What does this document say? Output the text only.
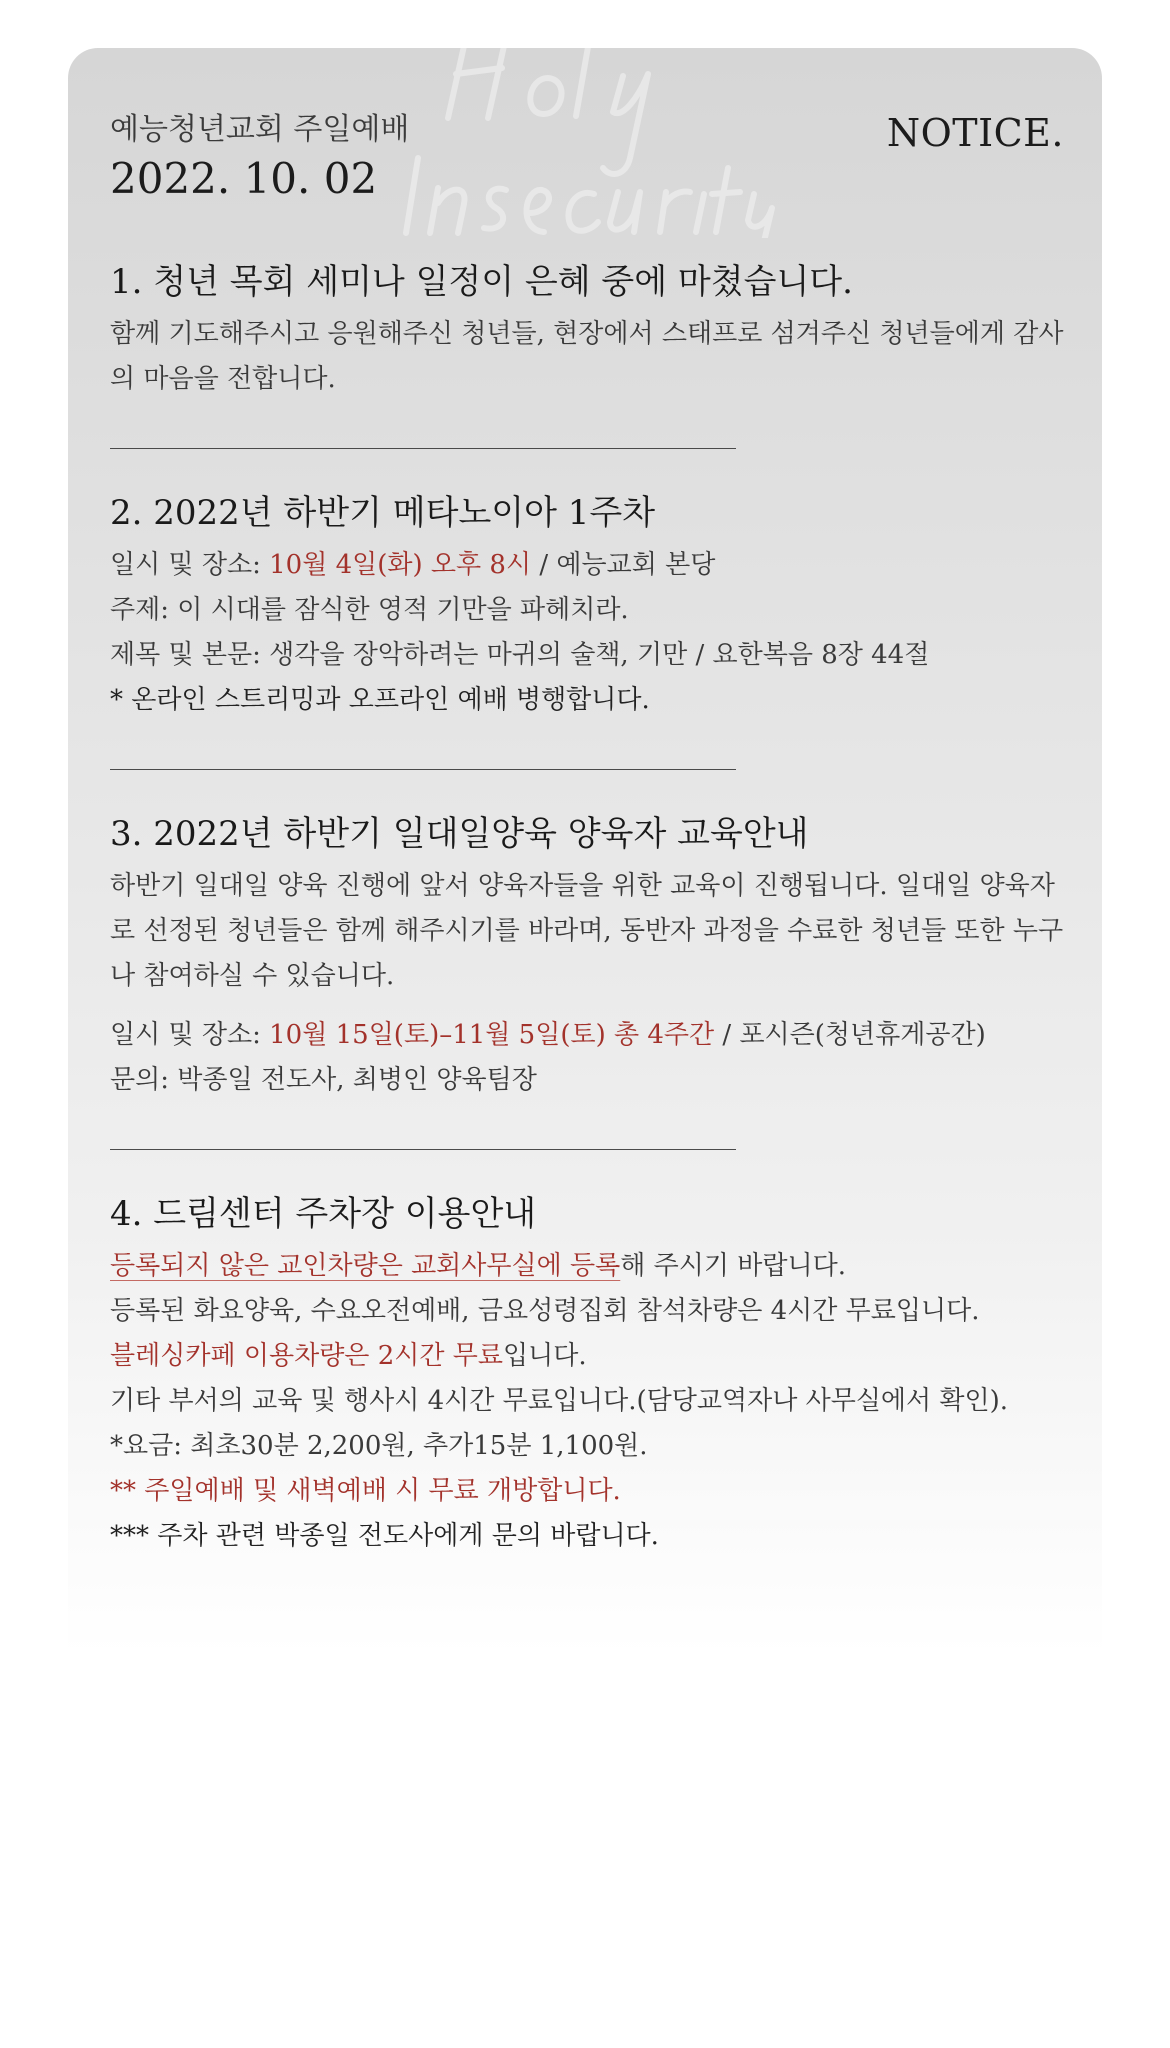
예능청년교회 주일예배
2022. 10. 02
NOTICE.
1. 청년 목회 세미나 일정이 은혜 중에 마쳤습니다.
함께 기도해주시고 응원해주신 청년들, 현장에서 스태프로 섬겨주신 청년들에게 감사의 마음을 전합니다.
2. 2022년 하반기 메타노이아 1주차
일시 및 장소: 10월 4일(화) 오후 8시 / 예능교회 본당
주제: 이 시대를 잠식한 영적 기만을 파헤치라.
제목 및 본문: 생각을 장악하려는 마귀의 술책, 기만 / 요한복음 8장 44절
* 온라인 스트리밍과 오프라인 예배 병행합니다.
3. 2022년 하반기 일대일양육 양육자 교육안내
하반기 일대일 양육 진행에 앞서 양육자들을 위한 교육이 진행됩니다. 일대일 양육자로 선정된 청년들은 함께 해주시기를 바라며, 동반자 과정을 수료한 청년들 또한 누구나 참여하실 수 있습니다.
일시 및 장소: 10월 15일(토)–11월 5일(토) 총 4주간 / 포시즌(청년휴게공간)
문의: 박종일 전도사, 최병인 양육팀장
4. 드림센터 주차장 이용안내
등록되지 않은 교인차량은 교회사무실에 등록해 주시기 바랍니다.
등록된 화요양육, 수요오전예배, 금요성령집회 참석차량은 4시간 무료입니다.
블레싱카페 이용차량은 2시간 무료입니다.
기타 부서의 교육 및 행사시 4시간 무료입니다.(담당교역자나 사무실에서 확인).
*요금: 최초30분 2,200원, 추가15분 1,100원.
** 주일예배 및 새벽예배 시 무료 개방합니다.
*** 주차 관련 박종일 전도사에게 문의 바랍니다.
